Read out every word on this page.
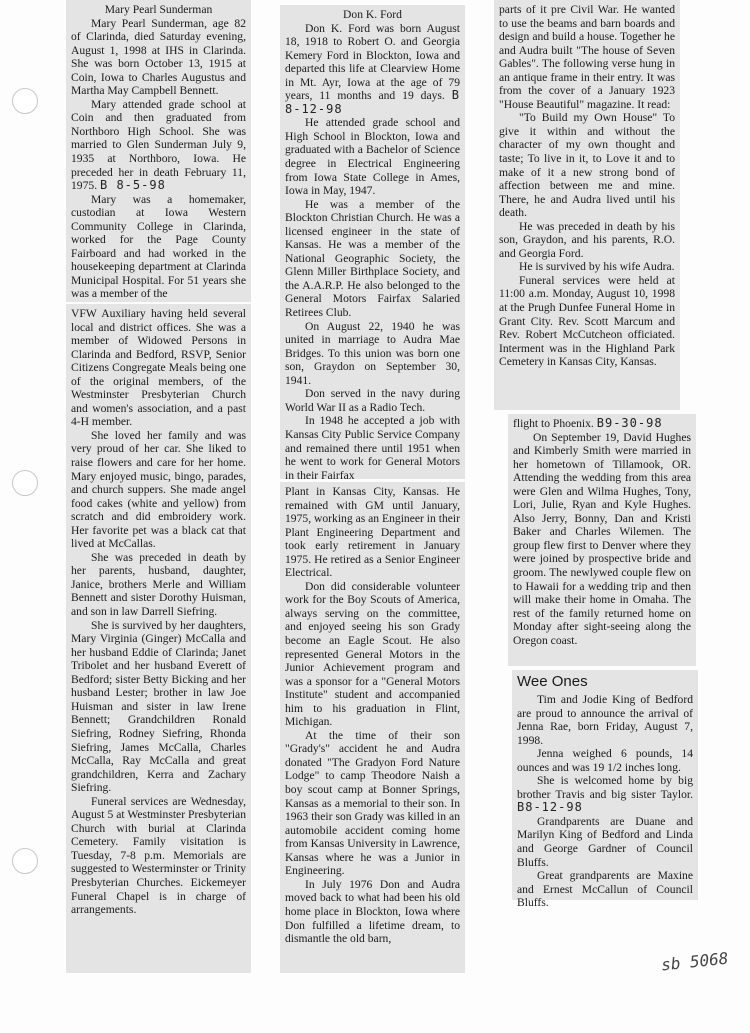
Mary Pearl Sunderman

Mary Pearl Sunderman, age 82 of Clarinda, died Saturday evening, August 1, 1998 at IHS in Clarinda. She was born October 13, 1915 at Coin, Iowa to Charles Augustus and Martha May Campbell Bennett.

Mary attended grade school at Coin and then graduated from Northboro High School. She was married to Glen Sunderman July 9, 1935 at Northboro, Iowa. He preceded her in death February 11, 1975. B 8-5-98

Mary was a homemaker, custodian at Iowa Western Community College in Clarinda, worked for the Page County Fairboard and had worked in the housekeeping department at Clarinda Municipal Hospital. For 51 years she was a member of the

VFW Auxiliary having held several local and district offices. She was a member of Widowed Persons in Clarinda and Bedford, RSVP, Senior Citizens Congregate Meals being one of the original members, of the Westminster Presbyterian Church and women's association, and a past 4-H member.

She loved her family and was very proud of her car. She liked to raise flowers and care for her home. Mary enjoyed music, bingo, parades, and church suppers. She made angel food cakes (white and yellow) from scratch and did embroidery work. Her favorite pet was a black cat that lived at McCallas.

She was preceded in death by her parents, husband, daughter, Janice, brothers Merle and William Bennett and sister Dorothy Huisman, and son in law Darrell Siefring.

She is survived by her daughters, Mary Virginia (Ginger) McCalla and her husband Eddie of Clarinda; Janet Tribolet and her husband Everett of Bedford; sister Betty Bicking and her husband Lester; brother in law Joe Huisman and sister in law Irene Bennett; Grandchildren Ronald Siefring, Rodney Siefring, Rhonda Siefring, James McCalla, Charles McCalla, Ray McCalla and great grandchildren, Kerra and Zachary Siefring.

Funeral services are Wednesday, August 5 at Westminster Presbyterian Church with burial at Clarinda Cemetery. Family visitation is Tuesday, 7-8 p.m. Memorials are suggested to Westerminster or Trinity Presbyterian Churches. Eickemeyer Funeral Chapel is in charge of arrangements.

Don K. Ford

Don K. Ford was born August 18, 1918 to Robert O. and Georgia Kemery Ford in Blockton, Iowa and departed this life at Clearview Home in Mt. Ayr, Iowa at the age of 79 years, 11 months and 19 days. B 8-12-98

He attended grade school and High School in Blockton, Iowa and graduated with a Bachelor of Science degree in Electrical Engineering from Iowa State College in Ames, Iowa in May, 1947.

He was a member of the Blockton Christian Church. He was a licensed engineer in the state of Kansas. He was a member of the National Geographic Society, the Glenn Miller Birthplace Society, and the A.A.R.P. He also belonged to the General Motors Fairfax Salaried Retirees Club.

On August 22, 1940 he was united in marriage to Audra Mae Bridges. To this union was born one son, Graydon on September 30, 1941.

Don served in the navy during World War II as a Radio Tech.

In 1948 he accepted a job with Kansas City Public Service Company and remained there until 1951 when he went to work for General Motors in their Fairfax

Plant in Kansas City, Kansas. He remained with GM until January, 1975, working as an Engineer in their Plant Engineering Department and took early retirement in January 1975. He retired as a Senior Engineer Electrical.

Don did considerable volunteer work for the Boy Scouts of America, always serving on the committee, and enjoyed seeing his son Grady become an Eagle Scout. He also represented General Motors in the Junior Achievement program and was a sponsor for a "General Motors Institute" student and accompanied him to his graduation in Flint, Michigan.

At the time of their son "Grady's" accident he and Audra donated "The Gradyon Ford Nature Lodge" to camp Theodore Naish a boy scout camp at Bonner Springs, Kansas as a memorial to their son. In 1963 their son Grady was killed in an automobile accident coming home from Kansas University in Lawrence, Kansas where he was a Junior in Engineering.

In July 1976 Don and Audra moved back to what had been his old home place in Blockton, Iowa where Don fulfilled a lifetime dream, to dismantle the old barn,

parts of it pre Civil War. He wanted to use the beams and barn boards and design and build a house. Together he and Audra built "The house of Seven Gables". The following verse hung in an antique frame in their entry. It was from the cover of a January 1923 "House Beautiful" magazine. It read:

"To Build my Own House" To give it within and without the character of my own thought and taste; To live in it, to Love it and to make of it a new strong bond of affection between me and mine. There, he and Audra lived until his death.

He was preceded in death by his son, Graydon, and his parents, R.O. and Georgia Ford.

He is survived by his wife Audra.

Funeral services were held at 11:00 a.m. Monday, August 10, 1998 at the Prugh Dunfee Funeral Home in Grant City. Rev. Scott Marcum and Rev. Robert McCutcheon officiated. Interment was in the Highland Park Cemetery in Kansas City, Kansas.

flight to Phoenix. B9-30-98

On September 19, David Hughes and Kimberly Smith were married in her hometown of Tillamook, OR. Attending the wedding from this area were Glen and Wilma Hughes, Tony, Lori, Julie, Ryan and Kyle Hughes. Also Jerry, Bonny, Dan and Kristi Baker and Charles Wilemen. The group flew first to Denver where they were joined by prospective bride and groom. The newlywed couple flew on to Hawaii for a wedding trip and then will make their home in Omaha. The rest of the family returned home on Monday after sight-seeing along the Oregon coast.

Wee Ones

Tim and Jodie King of Bedford are proud to announce the arrival of Jenna Rae, born Friday, August 7, 1998.

Jenna weighed 6 pounds, 14 ounces and was 19 1/2 inches long.

She is welcomed home by big brother Travis and big sister Taylor. B8-12-98

Grandparents are Duane and Marilyn King of Bedford and Linda and George Gardner of Council Bluffs.

Great grandparents are Maxine and Ernest McCallun of Council Bluffs.

sb 5068
